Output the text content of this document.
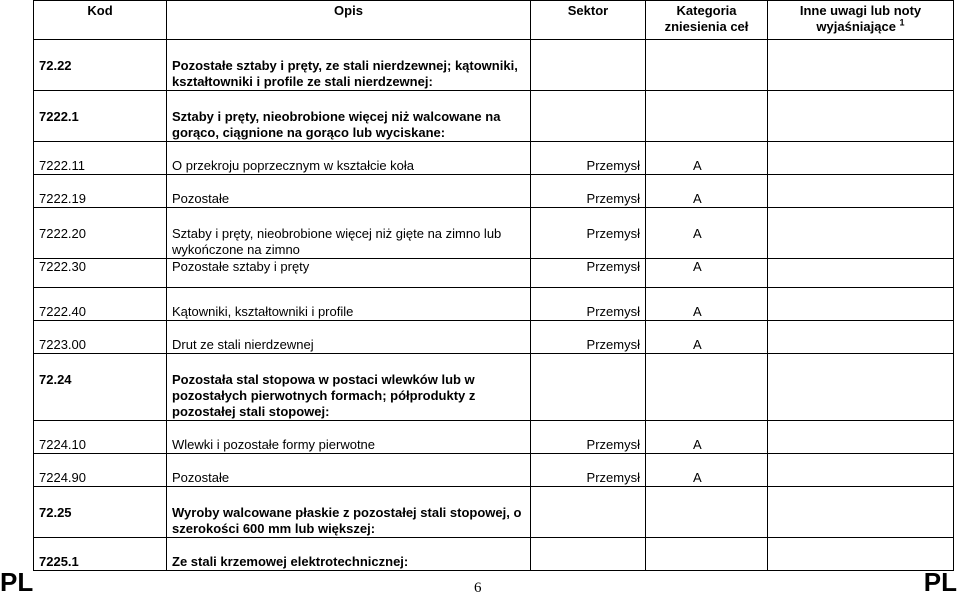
Kod	Opis	Sektor	Kategoria zniesienia ceł	Inne uwagi lub noty wyjaśniające $^1$
72.22	Pozostałe sztaby i pręty, ze stali nierdzewnej; kątowniki, kształtowniki i profile ze stali nierdzewnej:			
7222.1	Sztaby i pręty, nieobrobione więcej niż walcowane na gorąco, ciągnione na gorąco lub wyciskane:			
7222.11	O przekroju poprzecznym w kształcie koła	Przemysł	A	
7222.19	Pozostałe	Przemysł	A	
7222.20	Sztaby i pręty, nieobrobione więcej niż gięte na zimno lub wykończone na zimno	Przemysł	A	
7222.30	Pozostałe sztaby i pręty	Przemysł	A	
7222.40	Kątowniki, kształtowniki i profile	Przemysł	A	
7223.00	Drut ze stali nierdzewnej	Przemysł	A	
72.24	Pozostała stal stopowa w postaci wlewków lub w pozostałych pierwotnych formach; półprodukty z pozostałej stali stopowej:			
7224.10	Wlewki i pozostałe formy pierwotne	Przemysł	A	
7224.90	Pozostałe	Przemysł	A	
72.25	Wyroby walcowane płaskie z pozostałej stali stopowej, o szerokości 600 mm lub większej:			
7225.1	Ze stali krzemowej elektrotechnicznej:			
PL	6	PL
